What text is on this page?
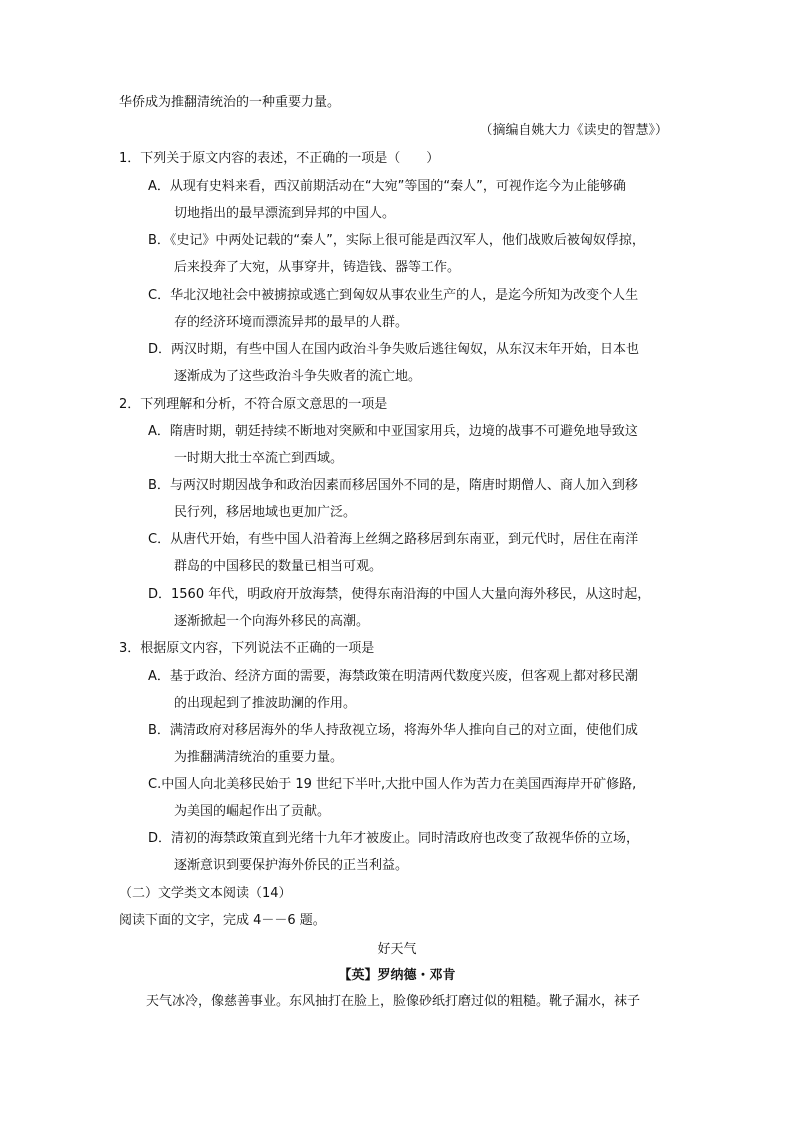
华侨成为推翻清统治的一种重要力量。
（摘编自姚大力《读史的智慧》）
1．下列关于原文内容的表述，不正确的一项是（　　）
A．从现有史料来看，西汉前期活动在“大宛”等国的“秦人”，可视作迄今为止能够确
切地指出的最早漂流到异邦的中国人。
B．《史记》中两处记载的“秦人”，实际上很可能是西汉军人，他们战败后被匈奴俘掠，
后来投奔了大宛，从事穿井，铸造钱、器等工作。
C．华北汉地社会中被掳掠或逃亡到匈奴从事农业生产的人，是迄今所知为改变个人生
存的经济环境而漂流异邦的最早的人群。
D．两汉时期，有些中国人在国内政治斗争失败后逃往匈奴，从东汉末年开始，日本也
逐渐成为了这些政治斗争失败者的流亡地。
2．下列理解和分析，不符合原文意思的一项是
A．隋唐时期，朝廷持续不断地对突厥和中亚国家用兵，边境的战事不可避免地导致这
一时期大批士卒流亡到西域。
B．与两汉时期因战争和政治因素而移居国外不同的是，隋唐时期僧人、商人加入到移
民行列，移居地域也更加广泛。
C．从唐代开始，有些中国人沿着海上丝绸之路移居到东南亚，到元代时，居住在南洋
群岛的中国移民的数量已相当可观。
D．1560 年代，明政府开放海禁，使得东南沿海的中国人大量向海外移民，从这时起，
逐渐掀起一个向海外移民的高潮。
3．根据原文内容，下列说法不正确的一项是
A．基于政治、经济方面的需要，海禁政策在明清两代数度兴废，但客观上都对移民潮
的出现起到了推波助澜的作用。
B．满清政府对移居海外的华人持敌视立场，将海外华人推向自己的对立面，使他们成
为推翻满清统治的重要力量。
C.中国人向北美移民始于 19 世纪下半叶,大批中国人作为苦力在美国西海岸开矿修路,
为美国的崛起作出了贡献。
D．清初的海禁政策直到光绪十九年才被废止。同时清政府也改变了敌视华侨的立场，
逐渐意识到要保护海外侨民的正当利益。
（二）文学类文本阅读（14）
阅读下面的文字，完成 4－－6 题。
好天气
【英】罗纳德・邓肯
天气冰冷，像慈善事业。东风抽打在脸上，脸像砂纸打磨过似的粗糙。靴子漏水，袜子
